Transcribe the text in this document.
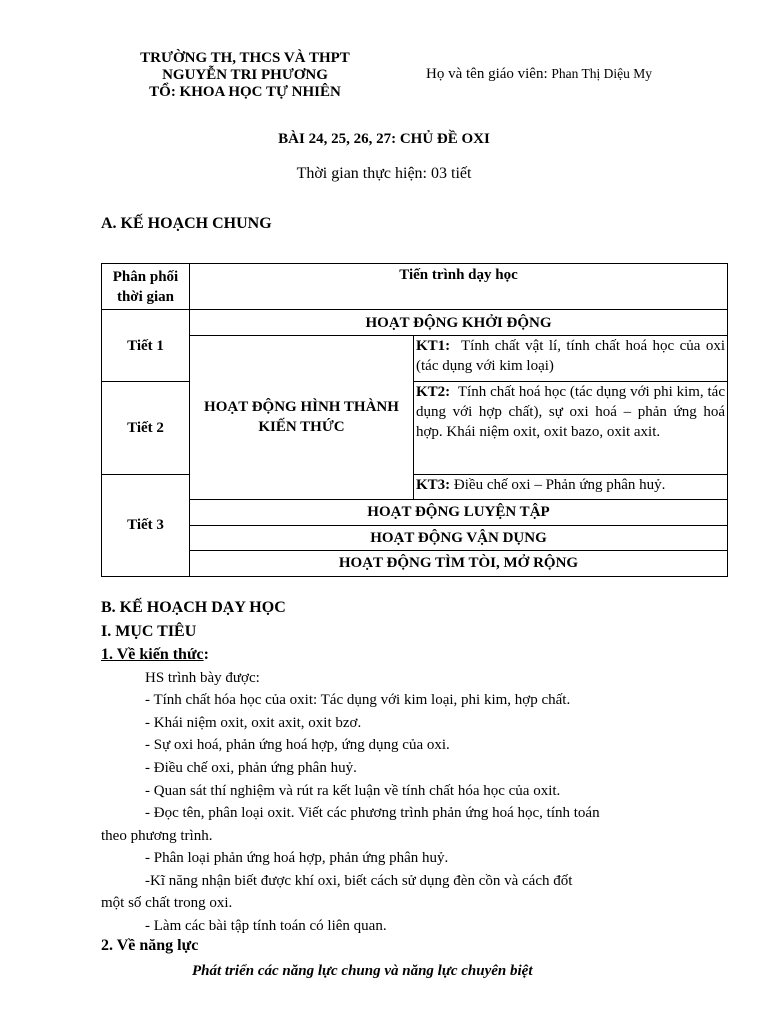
TRƯỜNG TH, THCS VÀ THPT
NGUYỄN TRI PHƯƠNG
TỔ: KHOA HỌC TỰ NHIÊN
Họ và tên giáo viên: Phan Thị Diệu My
BÀI 24, 25, 26, 27: CHỦ ĐỀ OXI
Thời gian thực hiện: 03 tiết
A. KẾ HOẠCH CHUNG
Phân phối thời gian	Tiến trình dạy học	
Tiết 1	HOẠT ĐỘNG KHỞI ĐỘNG	
	HOẠT ĐỘNG HÌNH THÀNH KIẾN THỨC	KT1: Tính chất vật lí, tính chất hoá học của oxi (tác dụng với kim loại)
Tiết 2		KT2: Tính chất hoá học (tác dụng với phi kim, tác dụng với hợp chất), sự oxi hoá – phản ứng hoá hợp. Khái niệm oxit, oxit bazo, oxit axit.
Tiết 3		KT3: Điều chế oxi – Phản ứng phân huỷ.
	HOẠT ĐỘNG LUYỆN TẬP	
	HOẠT ĐỘNG VẬN DỤNG	
	HOẠT ĐỘNG TÌM TÒI, MỞ RỘNG	
B. KẾ HOẠCH DẠY HỌC
I. MỤC TIÊU
1. Về kiến thức:
HS trình bày được:
- Tính chất hóa học của oxit: Tác dụng với kim loại, phi kim, hợp chất.
- Khái niệm oxit, oxit axit, oxit bzơ.
- Sự oxi hoá, phản ứng hoá hợp, ứng dụng của oxi.
- Điều chế oxi, phản ứng phân huỷ.
- Quan sát thí nghiệm và rút ra kết luận về tính chất hóa học của oxit.
- Đọc tên, phân loại oxit. Viết các phương trình phản ứng hoá học, tính toán
theo phương trình.
- Phân loại phản ứng hoá hợp, phản ứng phân huỷ.
-Kĩ năng nhận biết được khí oxi, biết cách sử dụng đèn cồn và cách đốt
một số chất trong oxi.
- Làm các bài tập tính toán có liên quan.
2. Về năng lực
Phát triển các năng lực chung và năng lực chuyên biệt
